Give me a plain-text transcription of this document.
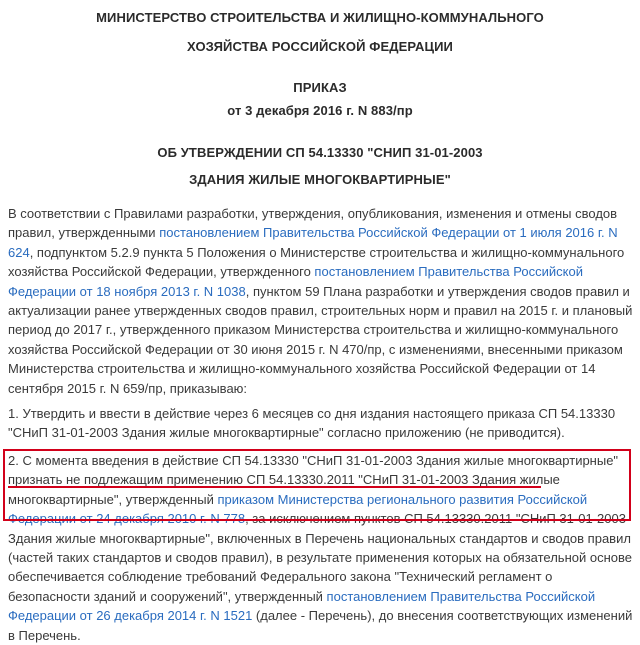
МИНИСТЕРСТВО СТРОИТЕЛЬСТВА И ЖИЛИЩНО-КОММУНАЛЬНОГО
ХОЗЯЙСТВА РОССИЙСКОЙ ФЕДЕРАЦИИ
ПРИКАЗ
от 3 декабря 2016 г. N 883/пр
ОБ УТВЕРЖДЕНИИ СП 54.13330 "СНИП 31-01-2003
ЗДАНИЯ ЖИЛЫЕ МНОГОКВАРТИРНЫЕ"
В соответствии с Правилами разработки, утверждения, опубликования, изменения и отмены сводов правил, утвержденными постановлением Правительства Российской Федерации от 1 июля 2016 г. N 624, подпунктом 5.2.9 пункта 5 Положения о Министерстве строительства и жилищно-коммунального хозяйства Российской Федерации, утвержденного постановлением Правительства Российской Федерации от 18 ноября 2013 г. N 1038, пунктом 59 Плана разработки и утверждения сводов правил и актуализации ранее утвержденных сводов правил, строительных норм и правил на 2015 г. и плановый период до 2017 г., утвержденного приказом Министерства строительства и жилищно-коммунального хозяйства Российской Федерации от 30 июня 2015 г. N 470/пр, с изменениями, внесенными приказом Министерства строительства и жилищно-коммунального хозяйства Российской Федерации от 14 сентября 2015 г. N 659/пр, приказываю:
1. Утвердить и ввести в действие через 6 месяцев со дня издания настоящего приказа СП 54.13330 "СНиП 31-01-2003 Здания жилые многоквартирные" согласно приложению (не приводится).
2. С момента введения в действие СП 54.13330 "СНиП 31-01-2003 Здания жилые многоквартирные" признать не подлежащим применению СП 54.13330.2011 "СНиП 31-01-2003 Здания жилые многоквартирные", утвержденный приказом Министерства регионального развития Российской Федерации от 24 декабря 2010 г. N 778, за исключением пунктов СП 54.13330.2011 "СНиП 31-01-2003 Здания жилые многоквартирные", включенных в Перечень национальных стандартов и сводов правил (частей таких стандартов и сводов правил), в результате применения которых на обязательной основе обеспечивается соблюдение требований Федерального закона "Технический регламент о безопасности зданий и сооружений", утвержденный постановлением Правительства Российской Федерации от 26 декабря 2014 г. N 1521 (далее - Перечень), до внесения соответствующих изменений в Перечень.
